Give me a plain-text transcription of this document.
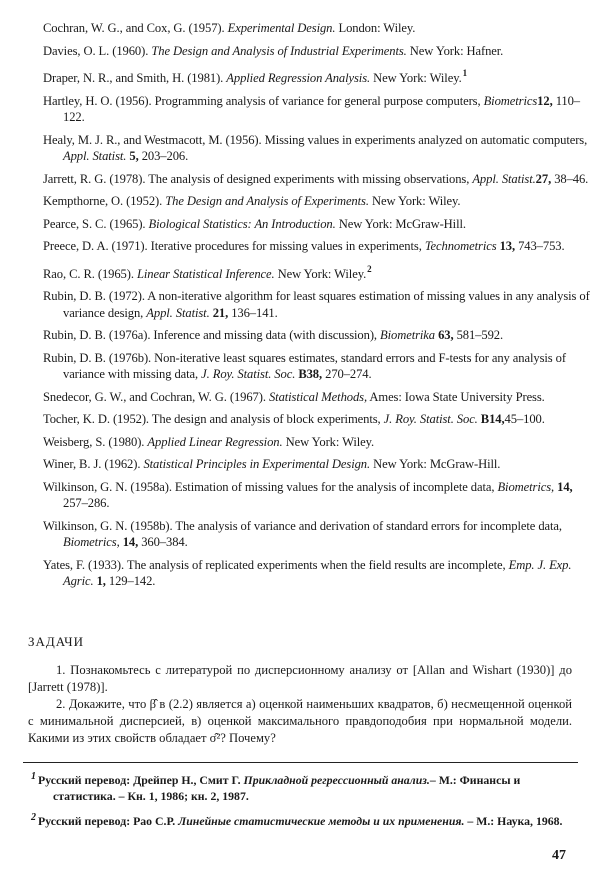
Cochran, W. G., and Cox, G. (1957). Experimental Design. London: Wiley.
Davies, O. L. (1960). The Design and Analysis of Industrial Experiments. New York: Hafner.
Draper, N. R., and Smith, H. (1981). Applied Regression Analysis. New York: Wiley.$^1$
Hartley, H. O. (1956). Programming analysis of variance for general purpose computers, Biometrics12, 110–122.
Healy, M. J. R., and Westmacott, M. (1956). Missing values in experiments analyzed on automatic computers, Appl. Statist. 5, 203–206.
Jarrett, R. G. (1978). The analysis of designed experiments with missing observations, Appl. Statist.27, 38–46.
Kempthorne, O. (1952). The Design and Analysis of Experiments. New York: Wiley.
Pearce, S. C. (1965). Biological Statistics: An Introduction. New York: McGraw-Hill.
Preece, D. A. (1971). Iterative procedures for missing values in experiments, Technometrics 13, 743–753.
Rao, C. R. (1965). Linear Statistical Inference. New York: Wiley.$^2$
Rubin, D. B. (1972). A non-iterative algorithm for least squares estimation of missing values in any analysis of variance design, Appl. Statist. 21, 136–141.
Rubin, D. B. (1976a). Inference and missing data (with discussion), Biometrika 63, 581–592.
Rubin, D. B. (1976b). Non-iterative least squares estimates, standard errors and F-tests for any analysis of variance with missing data, J. Roy. Statist. Soc. B38, 270–274.
Snedecor, G. W., and Cochran, W. G. (1967). Statistical Methods, Ames: Iowa State University Press.
Tocher, K. D. (1952). The design and analysis of block experiments, J. Roy. Statist. Soc. B14,45–100.
Weisberg, S. (1980). Applied Linear Regression. New York: Wiley.
Winer, B. J. (1962). Statistical Principles in Experimental Design. New York: McGraw-Hill.
Wilkinson, G. N. (1958a). Estimation of missing values for the analysis of incomplete data, Biometrics, 14, 257–286.
Wilkinson, G. N. (1958b). The analysis of variance and derivation of standard errors for incomplete data, Biometrics, 14, 360–384.
Yates, F. (1933). The analysis of replicated experiments when the field results are incomplete, Emp. J. Exp. Agric. 1, 129–142.
ЗАДАЧИ
1. Познакомьтесь с литературой по дисперсионному анализу от [Allan and Wishart (1930)] до [Jarrett (1978)].
2. Докажите, что β̂ в (2.2) является а) оценкой наименьших квадратов, б) несмещенной оценкой с минимальной дисперсией, в) оценкой максимального правдоподобия при нормальной модели. Какими из этих свойств обладает σ̂²? Почему?
$^1$ Русский перевод: Дрейпер Н., Смит Г. Прикладной регрессионный анализ.– М.: Финансы и статистика. – Кн. 1, 1986; кн. 2, 1987.
$^2$ Русский перевод: Рао С.Р. Линейные статистические методы и их применения. – М.: Наука, 1968.
47
